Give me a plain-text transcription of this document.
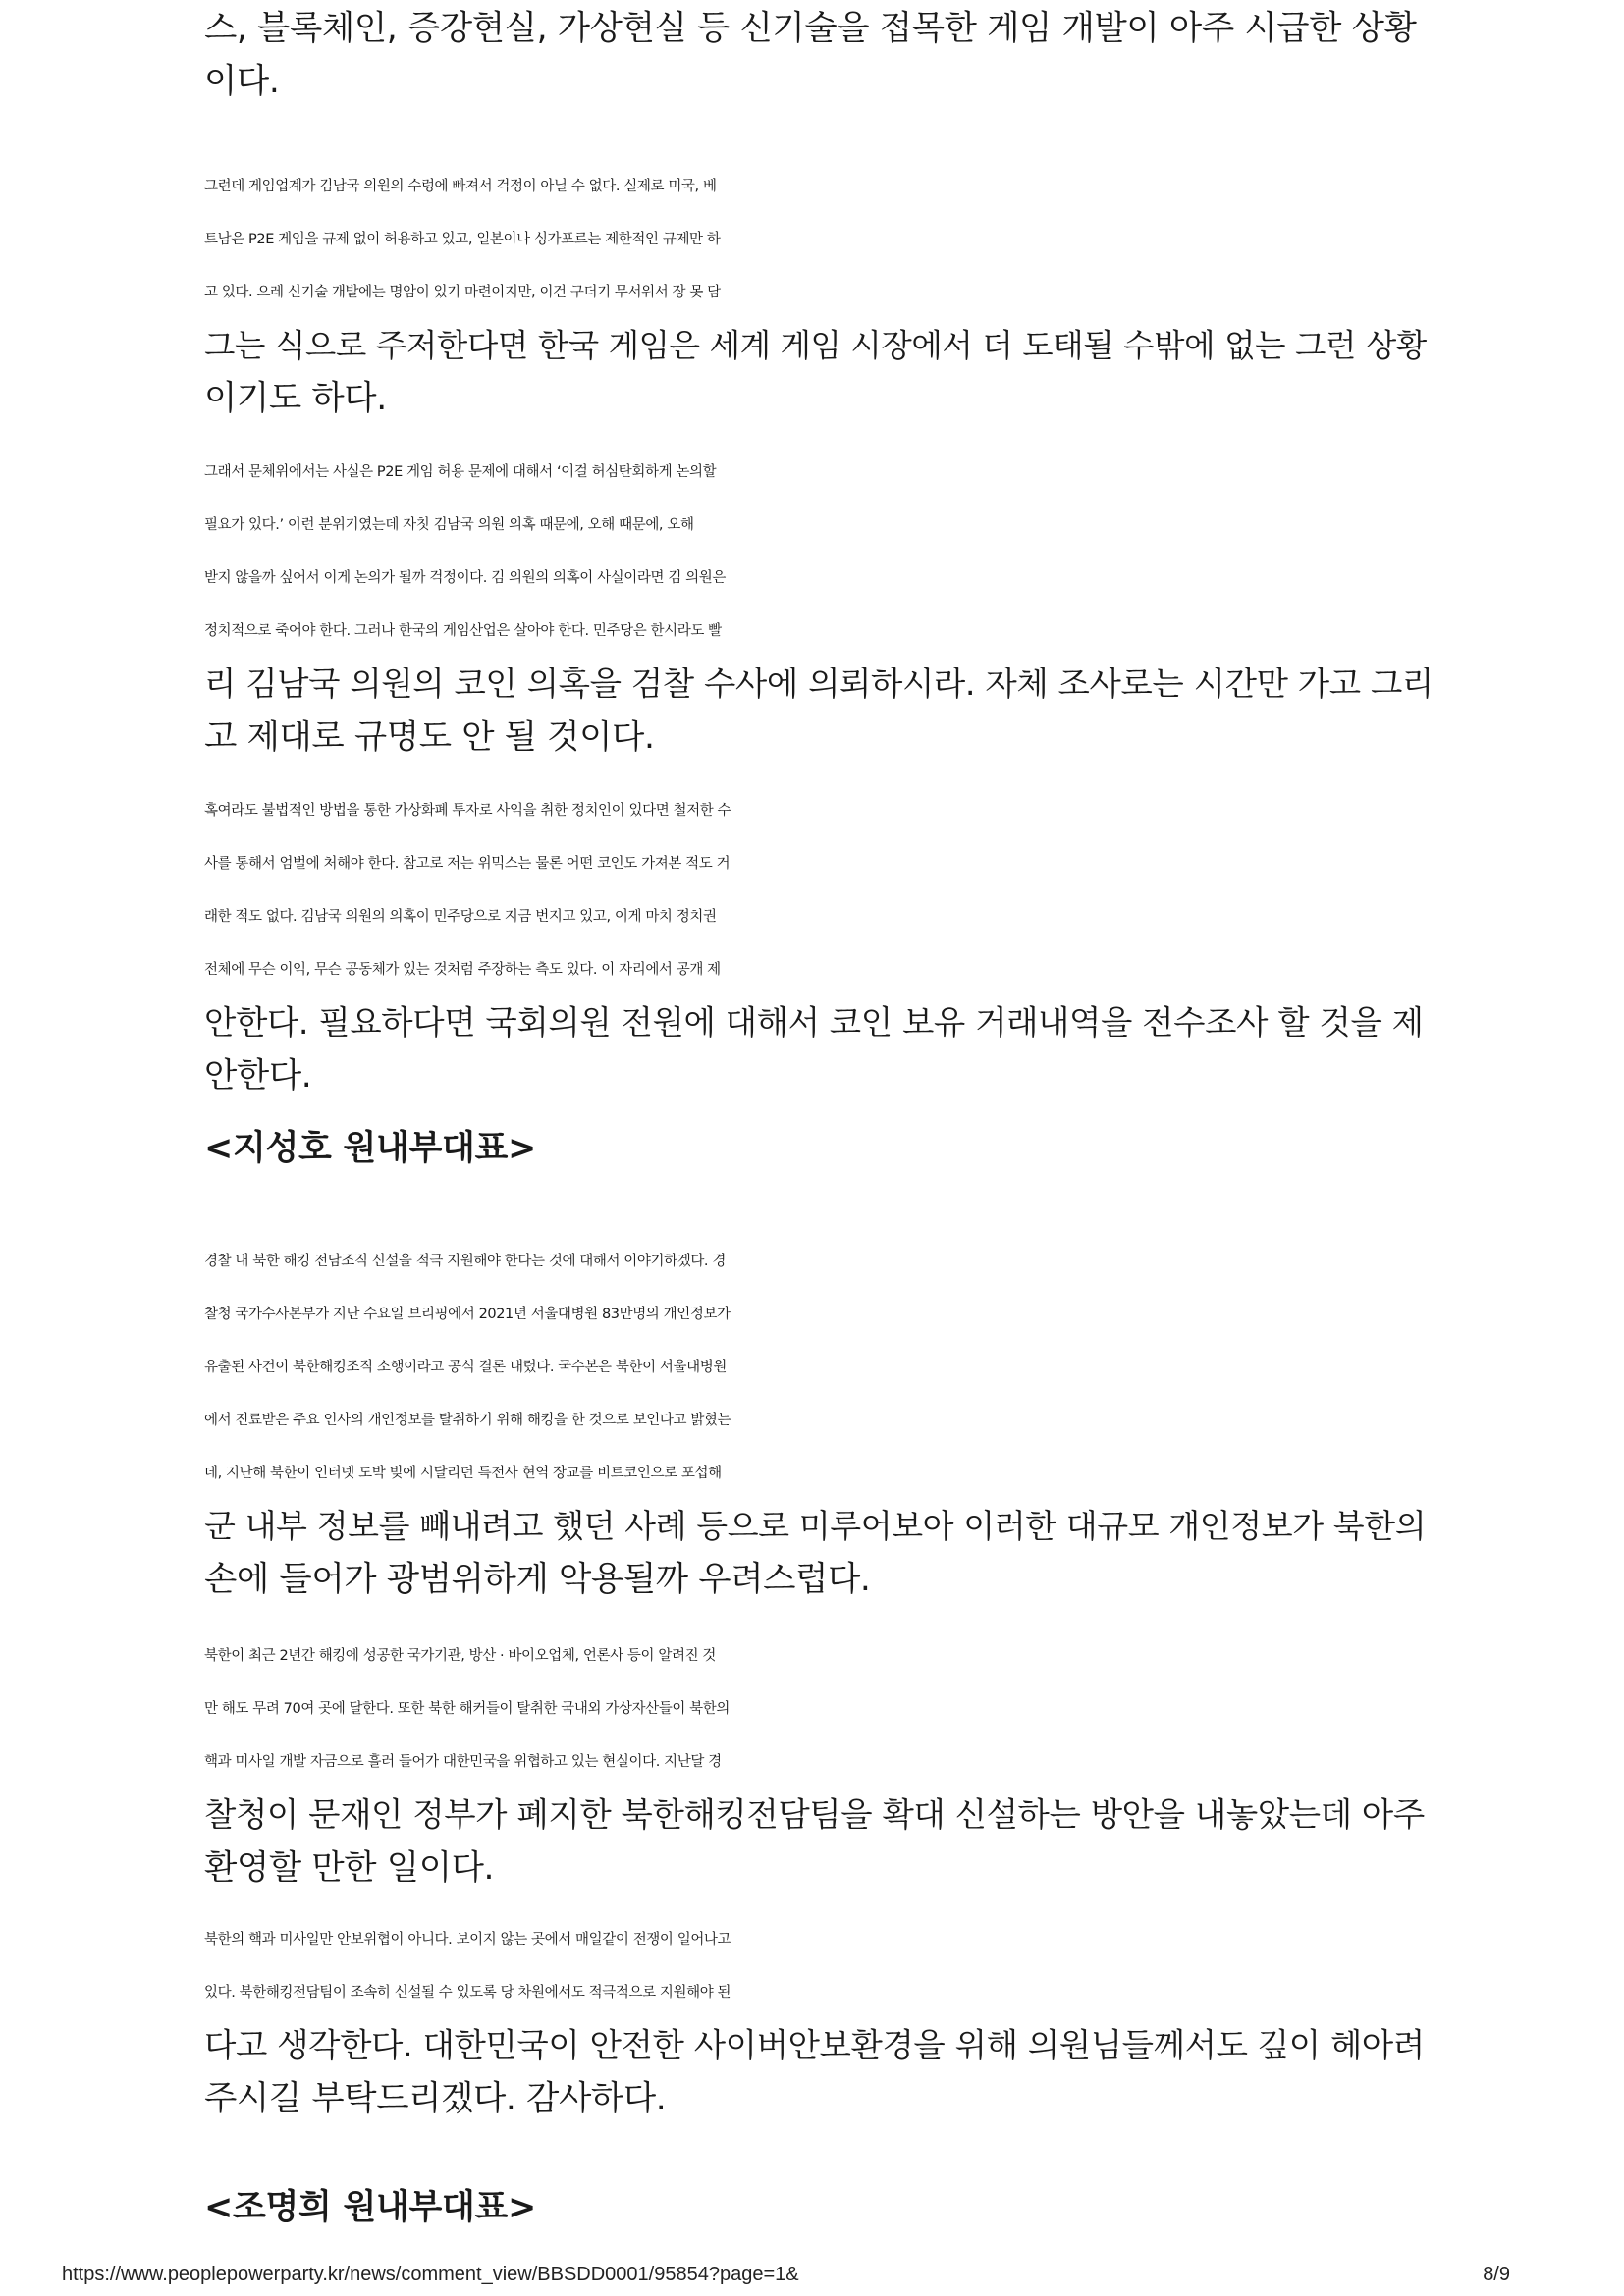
스, 블록체인, 증강현실, 가상현실 등 신기술을 접목한 게임 개발이 아주 시급한 상황
이다.

그런데 게임업계가 김남국 의원의 수렁에 빠져서 걱정이 아닐 수 없다. 실제로 미국, 베
트남은 P2E 게임을 규제 없이 허용하고 있고, 일본이나 싱가포르는 제한적인 규제만 하
고 있다. 으레 신기술 개발에는 명암이 있기 마련이지만, 이건 구더기 무서워서 장 못 담
그는 식으로 주저한다면 한국 게임은 세계 게임 시장에서 더 도태될 수밖에 없는 그런 상황
이기도 하다.

그래서 문체위에서는 사실은 P2E 게임 허용 문제에 대해서 ‘이걸 허심탄회하게 논의할
필요가 있다.’ 이런 분위기였는데 자칫 김남국 의원 의혹 때문에, 오해 때문에, 오해
받지 않을까 싶어서 이게 논의가 될까 걱정이다. 김 의원의 의혹이 사실이라면 김 의원은
정치적으로 죽어야 한다. 그러나 한국의 게임산업은 살아야 한다. 민주당은 한시라도 빨
리 김남국 의원의 코인 의혹을 검찰 수사에 의뢰하시라. 자체 조사로는 시간만 가고 그리
고 제대로 규명도 안 될 것이다.

혹여라도 불법적인 방법을 통한 가상화폐 투자로 사익을 취한 정치인이 있다면 철저한 수
사를 통해서 엄벌에 처해야 한다. 참고로 저는 위믹스는 물론 어떤 코인도 가져본 적도 거
래한 적도 없다. 김남국 의원의 의혹이 민주당으로 지금 번지고 있고, 이게 마치 정치권
전체에 무슨 이익, 무슨 공동체가 있는 것처럼 주장하는 측도 있다. 이 자리에서 공개 제
안한다. 필요하다면 국회의원 전원에 대해서 코인 보유 거래내역을 전수조사 할 것을 제
안한다.

<지성호 원내부대표>

경찰 내 북한 해킹 전담조직 신설을 적극 지원해야 한다는 것에 대해서 이야기하겠다. 경
찰청 국가수사본부가 지난 수요일 브리핑에서 2021년 서울대병원 83만명의 개인정보가
유출된 사건이 북한해킹조직 소행이라고 공식 결론 내렸다. 국수본은 북한이 서울대병원
에서 진료받은 주요 인사의 개인정보를 탈취하기 위해 해킹을 한 것으로 보인다고 밝혔는
데, 지난해 북한이 인터넷 도박 빚에 시달리던 특전사 현역 장교를 비트코인으로 포섭해
군 내부 정보를 빼내려고 했던 사례 등으로 미루어보아 이러한 대규모 개인정보가 북한의
손에 들어가 광범위하게 악용될까 우려스럽다.

북한이 최근 2년간 해킹에 성공한 국가기관, 방산 · 바이오업체, 언론사 등이 알려진 것
만 해도 무려 70여 곳에 달한다. 또한 북한 해커들이 탈취한 국내외 가상자산들이 북한의
핵과 미사일 개발 자금으로 흘러 들어가 대한민국을 위협하고 있는 현실이다. 지난달 경
찰청이 문재인 정부가 폐지한 북한해킹전담팀을 확대 신설하는 방안을 내놓았는데 아주
환영할 만한 일이다.

북한의 핵과 미사일만 안보위협이 아니다. 보이지 않는 곳에서 매일같이 전쟁이 일어나고
있다. 북한해킹전담팀이 조속히 신설될 수 있도록 당 차원에서도 적극적으로 지원해야 된
다고 생각한다. 대한민국이 안전한 사이버안보환경을 위해 의원님들께서도 깊이 헤아려
주시길 부탁드리겠다. 감사하다.

<조명희 원내부대표>
https://www.peoplepowerparty.kr/news/comment_view/BBSDD0001/95854?page=1&	8/9
